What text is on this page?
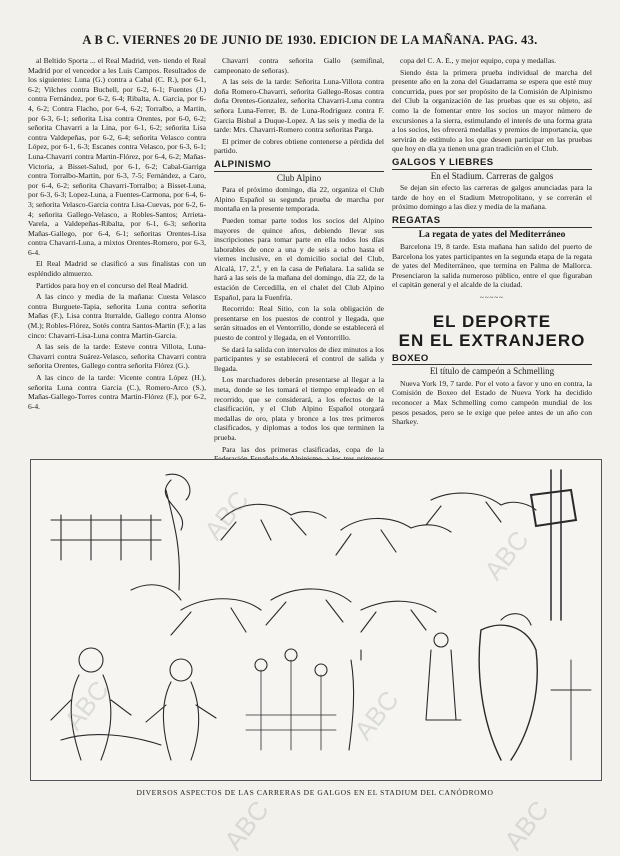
A B C. VIERNES 20 DE JUNIO DE 1930. EDICION DE LA MAÑANA. PAG. 43.

al Beltido Sporta ... el Real Madrid, ven- tiendo el Real Madrid por el vencedor a les Luis Campos. Resultados de los siguientes: Luna (G.) contra a Cabal (C. R.), por 6-1, 6-2; Vilches contra Buchell, por 6-2, 6-1; Fuentes (J.) contra Fernández, por 6-2, 6-4; Ribalta, A. Garcia, por 6-4, 6-2; Contra Flacho, por 6-4, 6-2; Torralbo, a Martin, por 6-3, 6-1; señorita Lisa contra Orentes, por 6-0, 6-2; señorita Chavarri a la Lina, por 6-1, 6-2; señorita Lisa contra Valdepeñas, por 6-2, 6-4; señorita Velasco contra López, por 6-1, 6-3; Escanes contra Velasco, por 6-3, 6-1; Luna-Chavarri contra Martin-Flórez, por 6-4, 6-2; Mañas-Victoria, a Bisset-Salud, por 6-1, 6-2; Cabal-Garriga contra Torralbo-Martin, por 6-3, 7-5; Fernández, a Caro, por 6-4, 6-2; señorita Chavarri-Torralbo; a Bisset-Luna, por 6-3, 6-3; Lopez-Luna, a Fuentes-Carmona, por 6-4, 6-3; señorita Velasco-Garcia contra Lisa-Cuevas, por 6-2, 6-4; señorita Gallego-Velasco, a Robles-Santos; Arrieta-Varela, a Valdepeñas-Ribalta, por 6-1, 6-3; señorita Mañas-Gallego, por 6-4, 6-1; señoritas Orentes-Lisa contra Chavarri-Luna, a mixtos Orentes-Romero, por 6-3, 6-4.

El Real Madrid se clasificó a sus finalistas con un espléndido almuerzo.

Partidos para hoy en el concurso del Real Madrid.

A las cinco y media de la mañana: Cuesta Velasco contra Burguete-Tapia, señorita Luna contra señorita Mañas (F.), Lisa contra Iturralde, Gallego contra Alonso (M.); Robles-Flórez, Sotés contra Santos-Martin (F.); a las cinco: Chavarri-Lisa-Luna contra Martin-Garcia.

A las seis de la tarde: Esteve contra Villota, Luna-Chavarri contra Suárez-Velasco, señorita Chavarri contra señorita Orentes, Gallego contra señorita Flórez (G.).

A las cinco de la tarde: Vicente contra López (H.), señorita Luna contra Garcia (C.), Romero-Arco (S.), Mañas-Gallego-Torres contra Martin-Flórez (F.), por 6-2, 6-4.

Chavarri contra señorita Gallo (semifinal, campeonato de señoras).

A las seis de la tarde: Señorita Luna-Villota contra doña Romero-Chavarri, señorita Gallego-Rosas contra doña Orentes-Gonzalez, señorita Chavarri-Luna contra señora Luna-Ferrer, B. de Luna-Rodriguez contra F. Garcia Bisbal a Duque-Lopez. A las seis y media de la tarde: Mrs. Chavarri-Romero contra señoritas Parga.

El primer de cobres obtiene contenerse a pérdida del partido.

ALPINISMO
Club Alpino

Para el próximo domingo, día 22, organiza el Club Alpino Español su segunda prueba de marcha por montaña en la presente temporada.

Pueden tomar parte todos los socios del Alpino mayores de quince años, debiendo llevar sus inscripciones para tomar parte en ella todos los días laborables de once a una y de seis a ocho hasta el viernes inclusive, en el domicilio social del Club, Alcalá, 17, 2.º, y en la casa de Peñalara. La salida se hará a las seis de la mañana del domingo, día 22, de la estación de Cercedilla, en el chalet del Club Alpino Español, para la Fuenfría.

Recorrido: Real Sitio, con la sola obligación de presentarse en los puestos de control y llegada, que serán situados en el Ventorrillo, donde se establecerá el puesto de control y llegada, en el Ventorrillo.

Se dará la salida con intervalos de diez minutos a los participantes y se establecerá el control de salida y llegada.

Los marchadores deberán presentarse al llegar a la meta, donde se les tomará el tiempo empleado en el recorrido, que se considerará, a los efectos de la clasificación, y el Club Alpino Español otorgará medallas de oro, plata y bronce a los tres primeros clasificados, y diplomas a todos los que terminen la prueba.

Para las dos primeras clasificadas, copa de la

copa del C. A. E., y mejor equipo, copa y medallas.

Siendo ésta la primera prueba individual de marcha del presente año en la zona del Guadarrama se espera que esté muy concurrida, pues por ser propósito de la Comisión de Alpinismo del Club la organización de las pruebas que es su objeto, así como la de fomentar entre los socios un mayor número de excursiones a la sierra, estimulando el interés de una forma grata a los socios, les ofrecerá medallas y premios de importancia, que servirán de estímulo a los que deseen participar en las pruebas que hoy en día ya tienen una gran tradición en el Club.

GALGOS Y LIEBRES
En el Stadium. Carreras de galgos

Se dejan sin efecto las carreras de galgos anunciadas para la tarde de hoy en el Stadium Metropolitano, y se correrán el próximo domingo a las diez y media de la mañana.

REGATAS
La regata de yates del Mediterráneo

Barcelona 19, 8 tarde. Esta mañana han salido del puerto de Barcelona los yates participantes en la segunda etapa de la regata de yates del Mediterráneo, que termina en Palma de Mallorca. Presenciaron la salida numeroso público, entre el que figuraban el capitán general y el alcalde de la ciudad.

~~~~~
EL DEPORTE
EN EL EXTRANJERO
BOXEO
El título de campeón a Schmelling

Nueva York 19, 7 tarde. Por el voto a favor y uno en contra, la Comisión de Boxeo del Estado de Nueva York ha decidido reconocer a Max Schmelling como campeón mundial de los pesos pesados, pero se le exige que pelee antes de un año con Sharkey.

DIVERSOS ASPECTOS DE LAS CARRERAS DE GALGOS EN EL STADIUM DEL CANÓDROMO
ABC
ABC
ABC	ABC
ABC	ABC
